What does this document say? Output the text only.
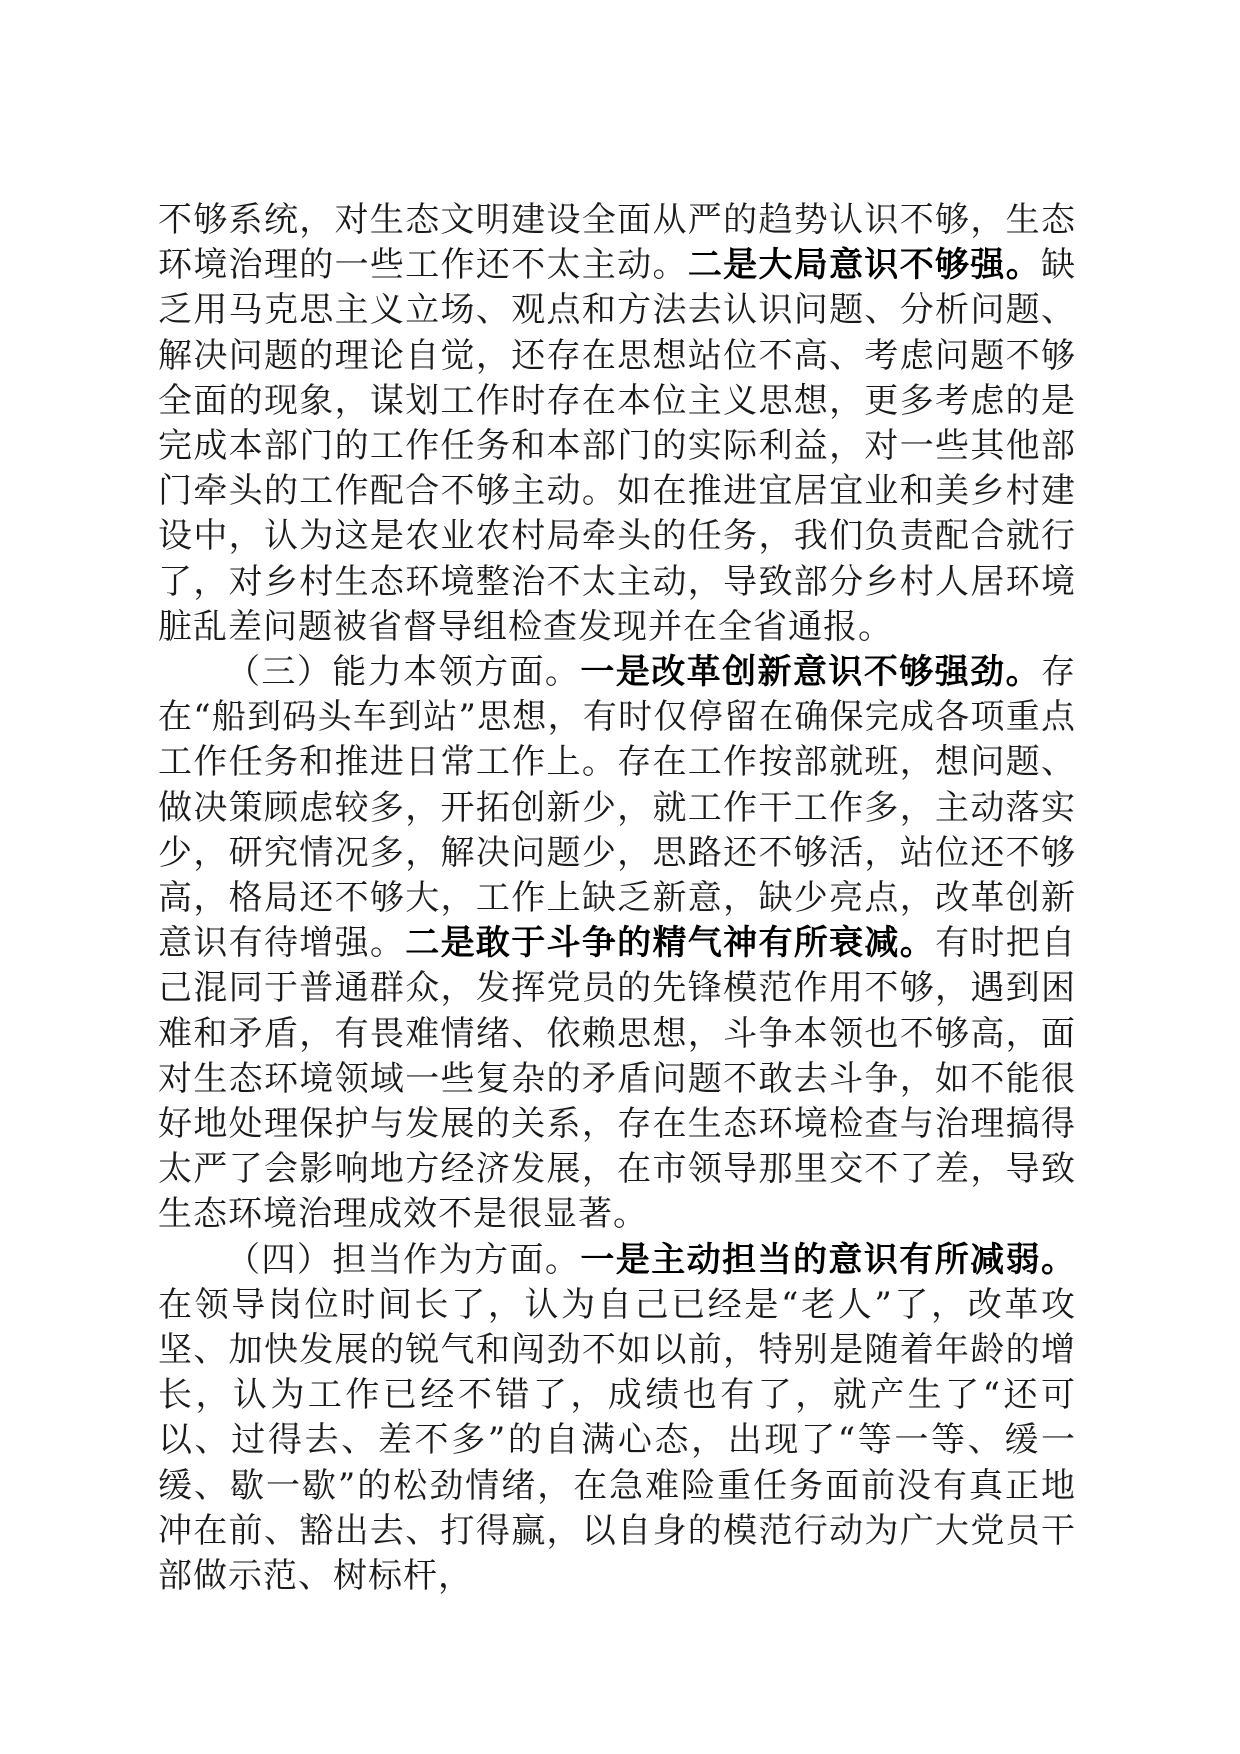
不够系统，对生态文明建设全面从严的趋势认识不够，生态环境治理的一些工作还不太主动。二是大局意识不够强。缺乏用马克思主义立场、观点和方法去认识问题、分析问题、解决问题的理论自觉，还存在思想站位不高、考虑问题不够全面的现象，谋划工作时存在本位主义思想，更多考虑的是完成本部门的工作任务和本部门的实际利益，对一些其他部门牵头的工作配合不够主动。如在推进宜居宜业和美乡村建设中，认为这是农业农村局牵头的任务，我们负责配合就行了，对乡村生态环境整治不太主动，导致部分乡村人居环境脏乱差问题被省督导组检查发现并在全省通报。

（三）能力本领方面。一是改革创新意识不够强劲。存在“船到码头车到站”思想，有时仅停留在确保完成各项重点工作任务和推进日常工作上。存在工作按部就班，想问题、做决策顾虑较多，开拓创新少，就工作干工作多，主动落实少，研究情况多，解决问题少，思路还不够活，站位还不够高，格局还不够大，工作上缺乏新意，缺少亮点，改革创新意识有待增强。二是敢于斗争的精气神有所衰减。有时把自己混同于普通群众，发挥党员的先锋模范作用不够，遇到困难和矛盾，有畏难情绪、依赖思想，斗争本领也不够高，面对生态环境领域一些复杂的矛盾问题不敢去斗争，如不能很好地处理保护与发展的关系，存在生态环境检查与治理搞得太严了会影响地方经济发展，在市领导那里交不了差，导致生态环境治理成效不是很显著。

（四）担当作为方面。一是主动担当的意识有所减弱。在领导岗位时间长了，认为自己已经是“老人”了，改革攻坚、加快发展的锐气和闯劲不如以前，特别是随着年龄的增长，认为工作已经不错了，成绩也有了，就产生了“还可以、过得去、差不多”的自满心态，出现了“等一等、缓一缓、歇一歇”的松劲情绪，在急难险重任务面前没有真正地冲在前、豁出去、打得赢，以自身的模范行动为广大党员干部做示范、树标杆，
